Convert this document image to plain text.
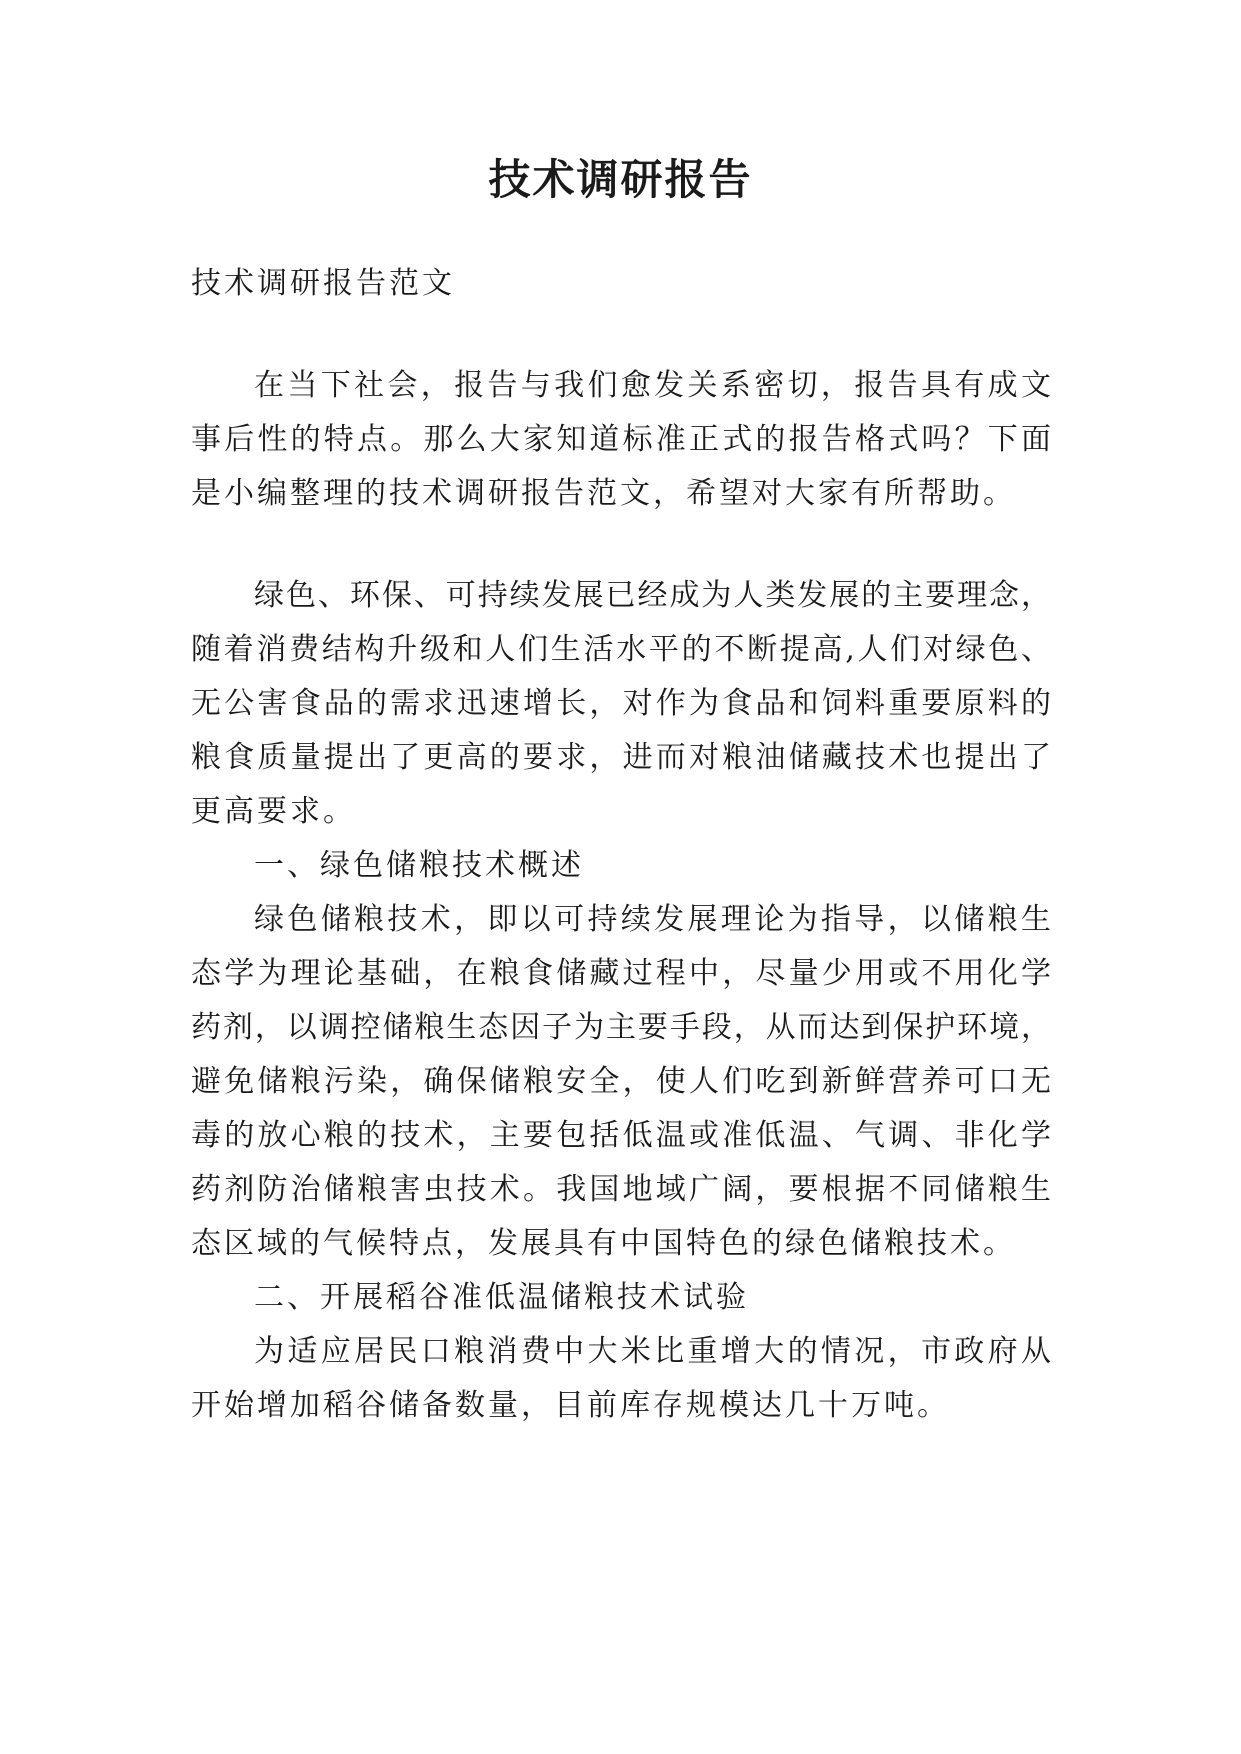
技术调研报告
技术调研报告范文
在当下社会，报告与我们愈发关系密切，报告具有成文
事后性的特点。那么大家知道标准正式的报告格式吗？下面
是小编整理的技术调研报告范文，希望对大家有所帮助。
绿色、环保、可持续发展已经成为人类发展的主要理念，
随着消费结构升级和人们生活水平的不断提高,人们对绿色、
无公害食品的需求迅速增长，对作为食品和饲料重要原料的
粮食质量提出了更高的要求，进而对粮油储藏技术也提出了
更高要求。
一、绿色储粮技术概述
绿色储粮技术，即以可持续发展理论为指导，以储粮生
态学为理论基础，在粮食储藏过程中，尽量少用或不用化学
药剂，以调控储粮生态因子为主要手段，从而达到保护环境，
避免储粮污染，确保储粮安全，使人们吃到新鲜营养可口无
毒的放心粮的技术，主要包括低温或准低温、气调、非化学
药剂防治储粮害虫技术。我国地域广阔，要根据不同储粮生
态区域的气候特点，发展具有中国特色的绿色储粮技术。
二、开展稻谷准低温储粮技术试验
为适应居民口粮消费中大米比重增大的情况，市政府从
开始增加稻谷储备数量，目前库存规模达几十万吨。
